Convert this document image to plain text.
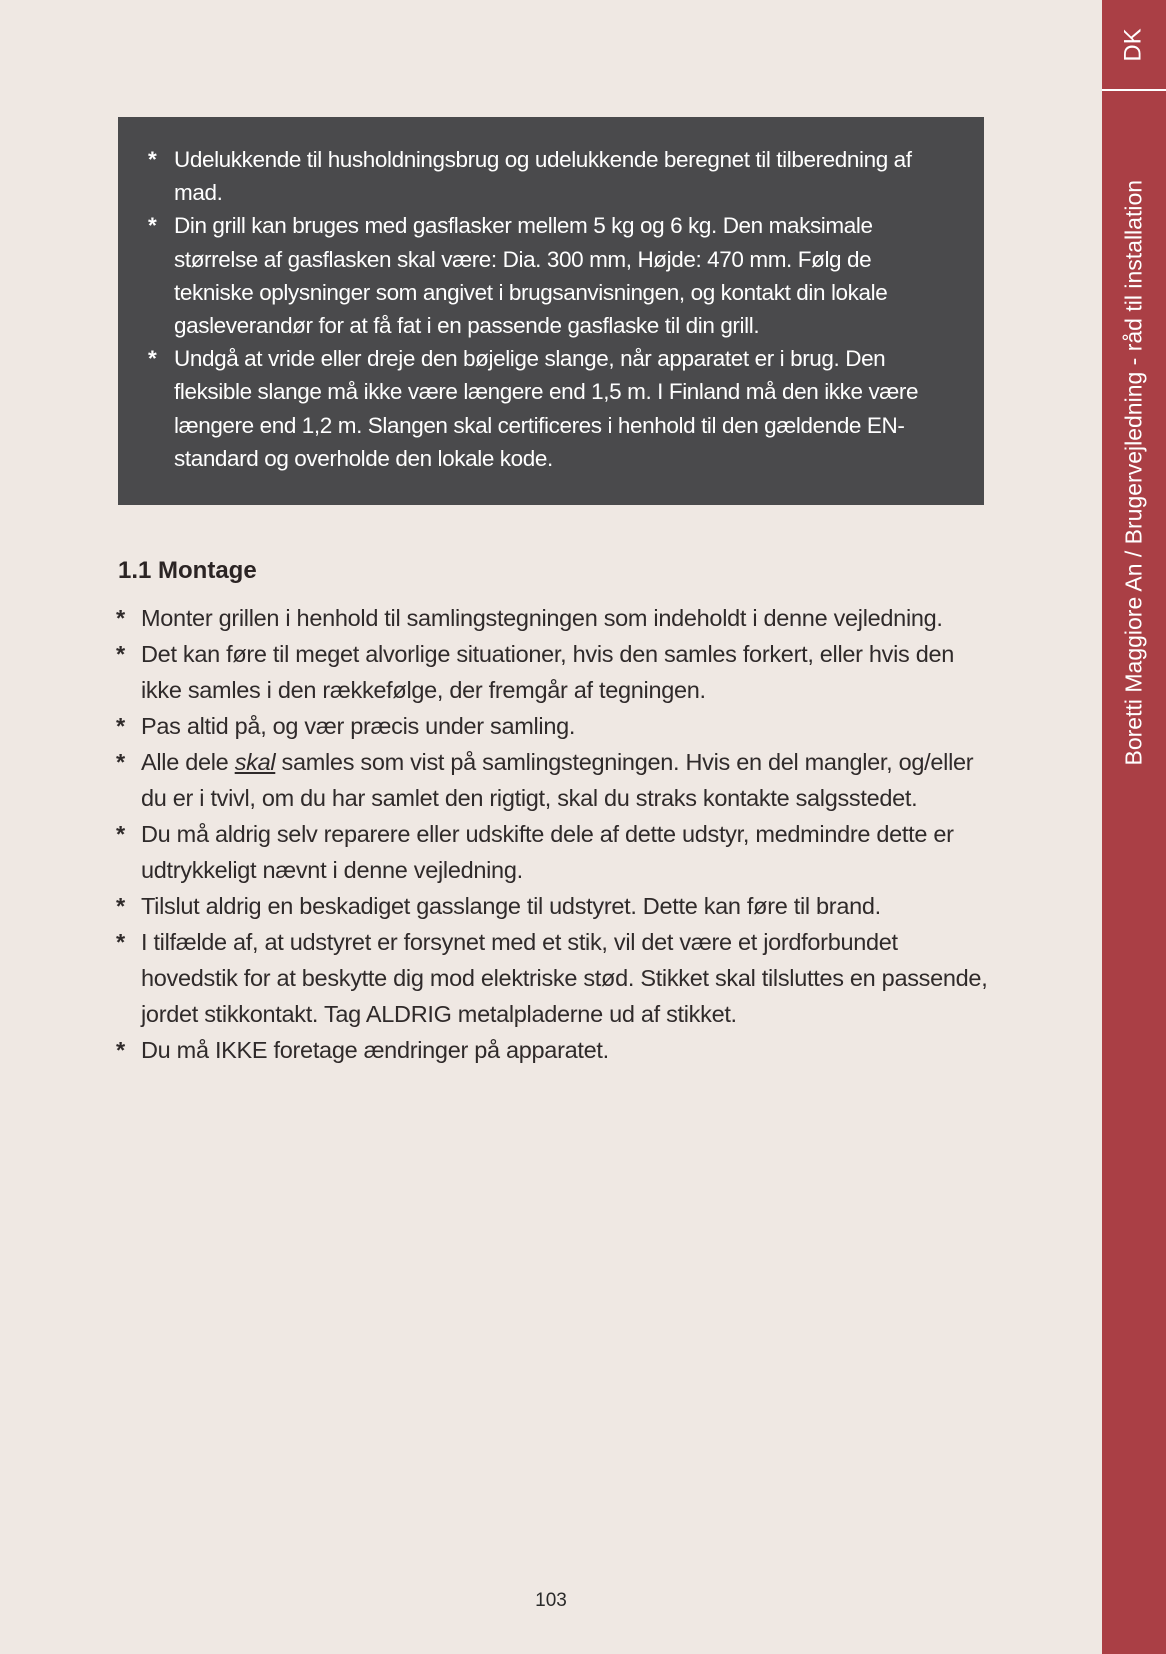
DK
Boretti Maggiore An / Brugervejledning - råd til installation
* Udelukkende til husholdningsbrug og udelukkende beregnet til tilberedning af mad.
* Din grill kan bruges med gasflasker mellem 5 kg og 6 kg. Den maksimale størrelse af gasflasken skal være: Dia. 300 mm, Højde: 470 mm. Følg de tekniske oplysninger som angivet i brugsanvisningen, og kontakt din lokale gasleverandør for at få fat i en passende gasflaske til din grill.
* Undgå at vride eller dreje den bøjelige slange, når apparatet er i brug. Den fleksible slange må ikke være længere end 1,5 m. I Finland må den ikke være længere end 1,2 m. Slangen skal certificeres i henhold til den gældende EN-standard og overholde den lokale kode.
1.1 Montage
* Monter grillen i henhold til samlingstegningen som indeholdt i denne vejledning.
* Det kan føre til meget alvorlige situationer, hvis den samles forkert, eller hvis den ikke samles i den rækkefølge, der fremgår af tegningen.
* Pas altid på, og vær præcis under samling.
* Alle dele skal samles som vist på samlingstegningen. Hvis en del mangler, og/eller du er i tvivl, om du har samlet den rigtigt, skal du straks kontakte salgsstedet.
* Du må aldrig selv reparere eller udskifte dele af dette udstyr, medmindre dette er udtrykkeligt nævnt i denne vejledning.
* Tilslut aldrig en beskadiget gasslange til udstyret. Dette kan føre til brand.
* I tilfælde af, at udstyret er forsynet med et stik, vil det være et jordforbundet hovedstik for at beskytte dig mod elektriske stød. Stikket skal tilsluttes en passende, jordet stikkontakt. Tag ALDRIG metalpladerne ud af stikket.
* Du må IKKE foretage ændringer på apparatet.
103
